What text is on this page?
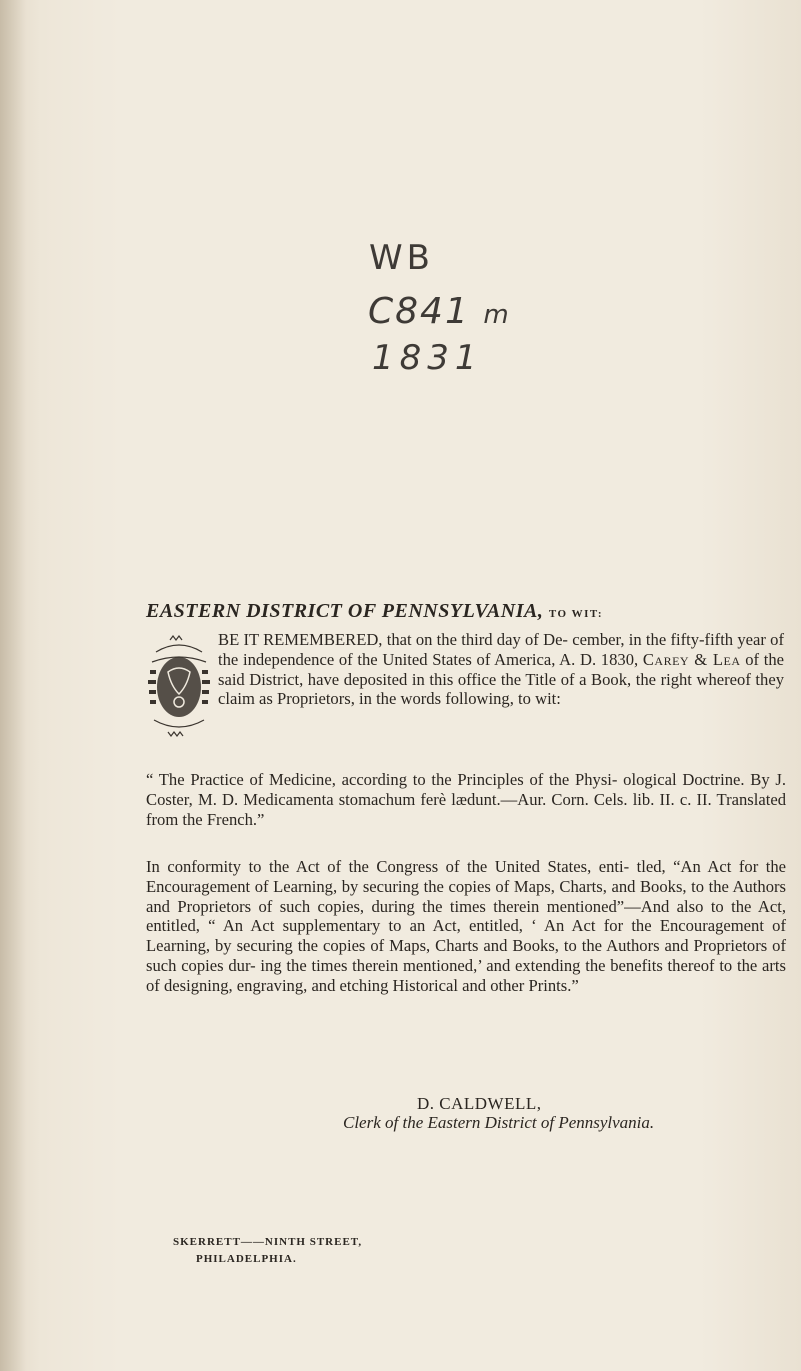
WB
C841 m
1831
EASTERN DISTRICT OF PENNSYLVANIA, TO WIT:
BE IT REMEMBERED, that on the third day of De- cember, in the fifty-fifth year of the independence of the United States of America, A. D. 1830, Carey & Lea of the said District, have deposited in this office the Title of a Book, the right whereof they claim as Proprietors, in the words following, to wit:
“ The Practice of Medicine, according to the Principles of the Physi- ological Doctrine. By J. Coster, M. D. Medicamenta stomachum ferè lædunt.—Aur. Corn. Cels. lib. II. c. II. Translated from the French.”
In conformity to the Act of the Congress of the United States, enti- tled, “An Act for the Encouragement of Learning, by securing the copies of Maps, Charts, and Books, to the Authors and Proprietors of such copies, during the times therein mentioned”—And also to the Act, entitled, “ An Act supplementary to an Act, entitled, ‘ An Act for the Encouragement of Learning, by securing the copies of Maps, Charts and Books, to the Authors and Proprietors of such copies dur- ing the times therein mentioned,’ and extending the benefits thereof to the arts of designing, engraving, and etching Historical and other Prints.”
D. CALDWELL,
Clerk of the Eastern District of Pennsylvania.
SKERRETT——NINTH STREET,
PHILADELPHIA.
